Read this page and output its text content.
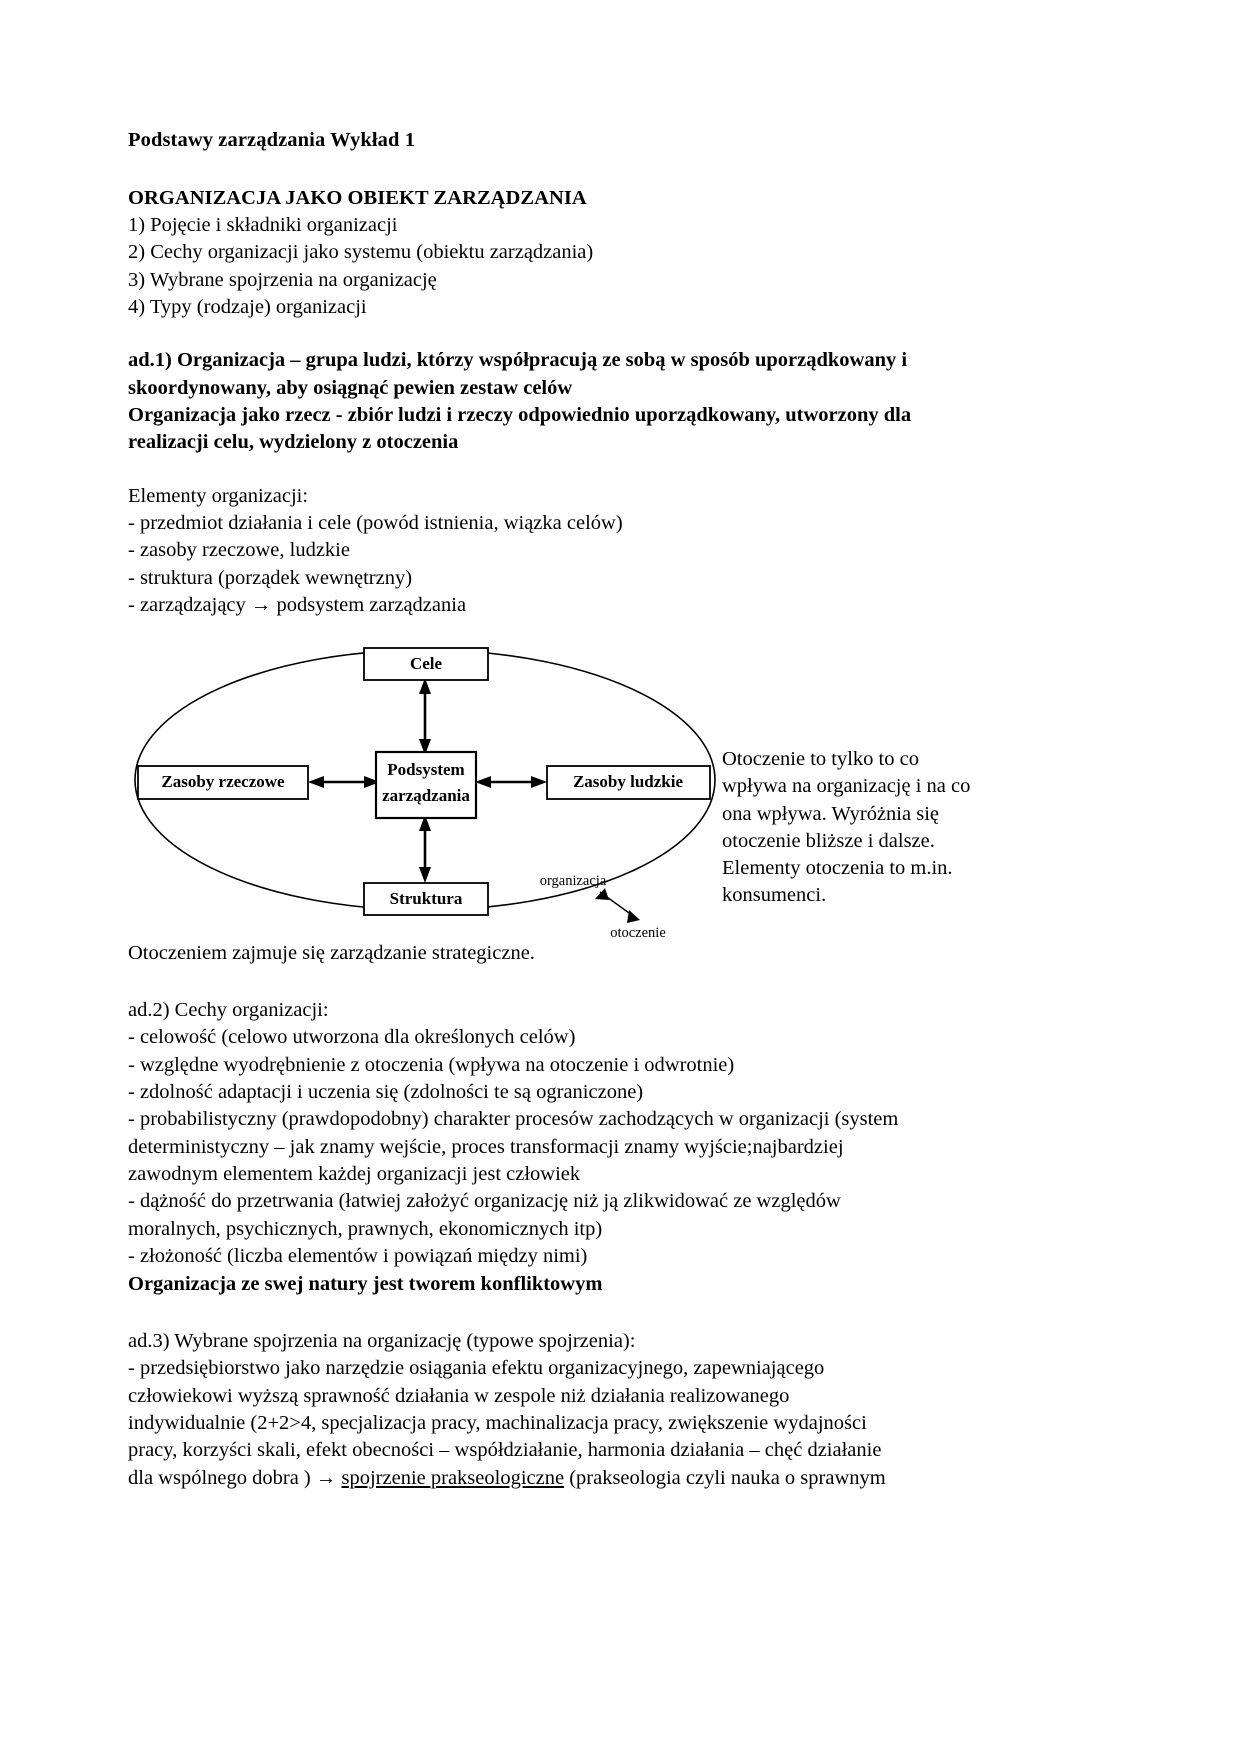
Podstawy zarządzania Wykład 1
ORGANIZACJA JAKO OBIEKT ZARZĄDZANIA
1) Pojęcie i składniki organizacji
2) Cechy organizacji jako systemu (obiektu zarządzania)
3) Wybrane spojrzenia na organizację
4) Typy (rodzaje) organizacji
ad.1) Organizacja – grupa ludzi, którzy współpracują ze sobą w sposób uporządkowany i
skoordynowany, aby osiągnąć pewien zestaw celów
Organizacja jako rzecz - zbiór ludzi i rzeczy odpowiednio uporządkowany, utworzony dla
realizacji celu, wydzielony z otoczenia
Elementy organizacji:
- przedmiot działania i cele (powód istnienia, wiązka celów)
- zasoby rzeczowe, ludzkie
- struktura (porządek wewnętrzny)
- zarządzający → podsystem zarządzania
Cele
Podsystem
zarządzania
Zasoby rzeczowe	Zasoby ludzkie
Struktura
organizacja
otoczenie
Otoczeniem zajmuje się zarządzanie strategiczne.
ad.2) Cechy organizacji:
- celowość (celowo utworzona dla określonych celów)
- względne wyodrębnienie z otoczenia (wpływa na otoczenie i odwrotnie)
- zdolność adaptacji i uczenia się (zdolności te są ograniczone)
- probabilistyczny (prawdopodobny) charakter procesów zachodzących w organizacji (system
deterministyczny – jak znamy wejście, proces transformacji znamy wyjście;najbardziej
zawodnym elementem każdej organizacji jest człowiek
- dążność do przetrwania (łatwiej założyć organizację niż ją zlikwidować ze względów
moralnych, psychicznych, prawnych, ekonomicznych itp)
- złożoność (liczba elementów i powiązań między nimi)
Organizacja ze swej natury jest tworem konfliktowym
ad.3) Wybrane spojrzenia na organizację (typowe spojrzenia):
- przedsiębiorstwo jako narzędzie osiągania efektu organizacyjnego, zapewniającego
człowiekowi wyższą sprawność działania w zespole niż działania realizowanego
indywidualnie (2+2>4, specjalizacja pracy, machinalizacja pracy, zwiększenie wydajności
pracy, korzyści skali, efekt obecności – współdziałanie, harmonia działania – chęć działanie
dla wspólnego dobra ) → spojrzenie prakseologiczne (prakseologia czyli nauka o sprawnym
Otoczenie to tylko to co wpływa na organizację i na co ona wpływa. Wyróżnia się otoczenie bliższe i dalsze. Elementy otoczenia to m.in. konsumenci.
